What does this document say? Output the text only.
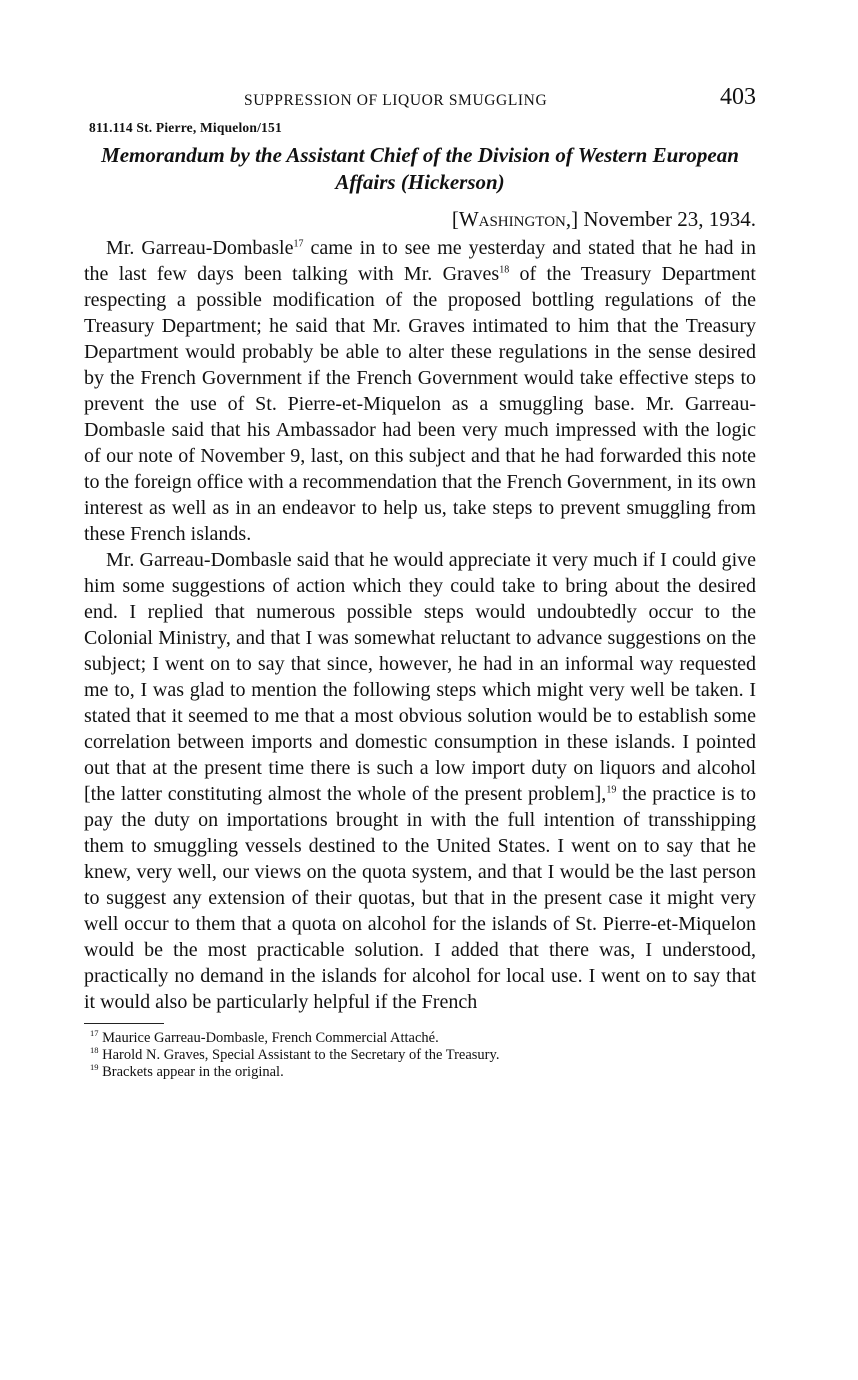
SUPPRESSION OF LIQUOR SMUGGLING	403
811.114 St. Pierre, Miquelon/151
Memorandum by the Assistant Chief of the Division of Western European Affairs (Hickerson)
[Washington,] November 23, 1934.

Mr. Garreau-Dombasle$^{17}$ came in to see me yesterday and stated that he had in the last few days been talking with Mr. Graves$^{18}$ of the Treasury Department respecting a possible modification of the proposed bottling regulations of the Treasury Department; he said that Mr. Graves intimated to him that the Treasury Department would probably be able to alter these regulations in the sense desired by the French Government if the French Government would take effective steps to prevent the use of St. Pierre-et-Miquelon as a smuggling base. Mr. Garreau-Dombasle said that his Ambassador had been very much impressed with the logic of our note of November 9, last, on this subject and that he had forwarded this note to the foreign office with a recommendation that the French Government, in its own interest as well as in an endeavor to help us, take steps to prevent smuggling from these French islands.

Mr. Garreau-Dombasle said that he would appreciate it very much if I could give him some suggestions of action which they could take to bring about the desired end. I replied that numerous possible steps would undoubtedly occur to the Colonial Ministry, and that I was somewhat reluctant to advance suggestions on the subject; I went on to say that since, however, he had in an informal way requested me to, I was glad to mention the following steps which might very well be taken. I stated that it seemed to me that a most obvious solution would be to establish some correlation between imports and domestic consumption in these islands. I pointed out that at the present time there is such a low import duty on liquors and alcohol [the latter constituting almost the whole of the present problem],$^{19}$ the practice is to pay the duty on importations brought in with the full intention of transshipping them to smuggling vessels destined to the United States. I went on to say that he knew, very well, our views on the quota system, and that I would be the last person to suggest any extension of their quotas, but that in the present case it might very well occur to them that a quota on alcohol for the islands of St. Pierre-et-Miquelon would be the most practicable solution. I added that there was, I understood, practically no demand in the islands for alcohol for local use. I went on to say that it would also be particularly helpful if the French

$^{17}$ Maurice Garreau-Dombasle, French Commercial Attaché.
$^{18}$ Harold N. Graves, Special Assistant to the Secretary of the Treasury.
$^{19}$ Brackets appear in the original.
